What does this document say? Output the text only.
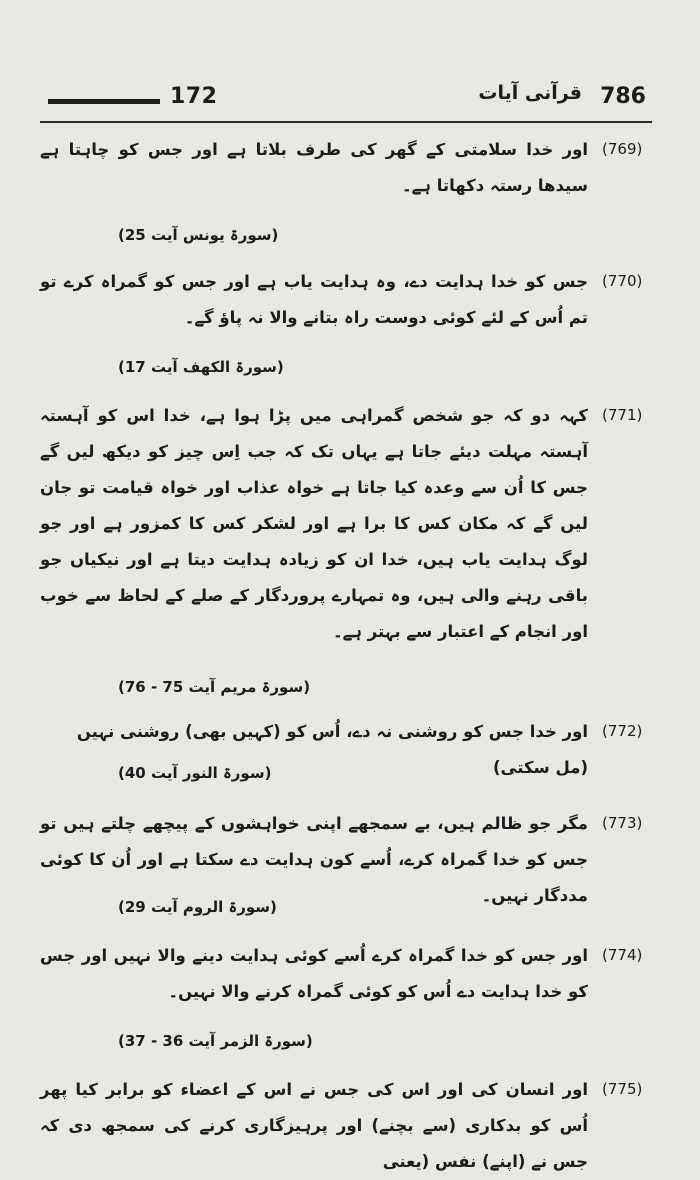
172	قرآنی آیات 786
(769)
اور خدا سلامتی کے گھر کی طرف بلاتا ہے اور جس کو چاہتا ہے سیدھا رستہ دکھاتا ہے۔
(سورۃ یونس آیت 25)
(770)
جس کو خدا ہدایت دے، وہ ہدایت یاب ہے اور جس کو گمراہ کرے تو تم اُس کے لئے کوئی دوست راہ بتانے والا نہ پاؤ گے۔
(سورۃ الکھف آیت 17)
(771)
کہہ دو کہ جو شخص گمراہی میں پڑا ہوا ہے، خدا اس کو آہستہ آہستہ مہلت دیئے جاتا ہے یہاں تک کہ جب اِس چیز کو دیکھ لیں گے جس کا اُن سے وعدہ کیا جاتا ہے خواہ عذاب اور خواہ قیامت تو جان لیں گے کہ مکان کس کا برا ہے اور لشکر کس کا کمزور ہے اور جو لوگ ہدایت یاب ہیں، خدا ان کو زیادہ ہدایت دیتا ہے اور نیکیاں جو باقی رہنے والی ہیں، وہ تمہارے پروردگار کے صلے کے لحاظ سے خوب اور انجام کے اعتبار سے بہتر ہے۔
(سورۃ مریم آیت 75 - 76)
(772)
اور خدا جس کو روشنی نہ دے، اُس کو (کہیں بھی) روشنی نہیں (مل سکتی)
(سورۃ النور آیت 40)
(773)
مگر جو ظالم ہیں، بے سمجھے اپنی خواہشوں کے پیچھے چلتے ہیں تو جس کو خدا گمراہ کرے، اُسے کون ہدایت دے سکتا ہے اور اُن کا کوئی مددگار نہیں۔
(سورۃ الروم آیت 29)
(774)
اور جس کو خدا گمراہ کرے اُسے کوئی ہدایت دینے والا نہیں اور جس کو خدا ہدایت دے اُس کو کوئی گمراہ کرنے والا نہیں۔
(سورۃ الزمر آیت 36 - 37)
(775)
اور انسان کی اور اس کی جس نے اس کے اعضاء کو برابر کیا پھر اُس کو بدکاری (سے بچنے) اور پرہیزگاری کرنے کی سمجھ دی کہ جس نے (اپنے) نفس (یعنی
